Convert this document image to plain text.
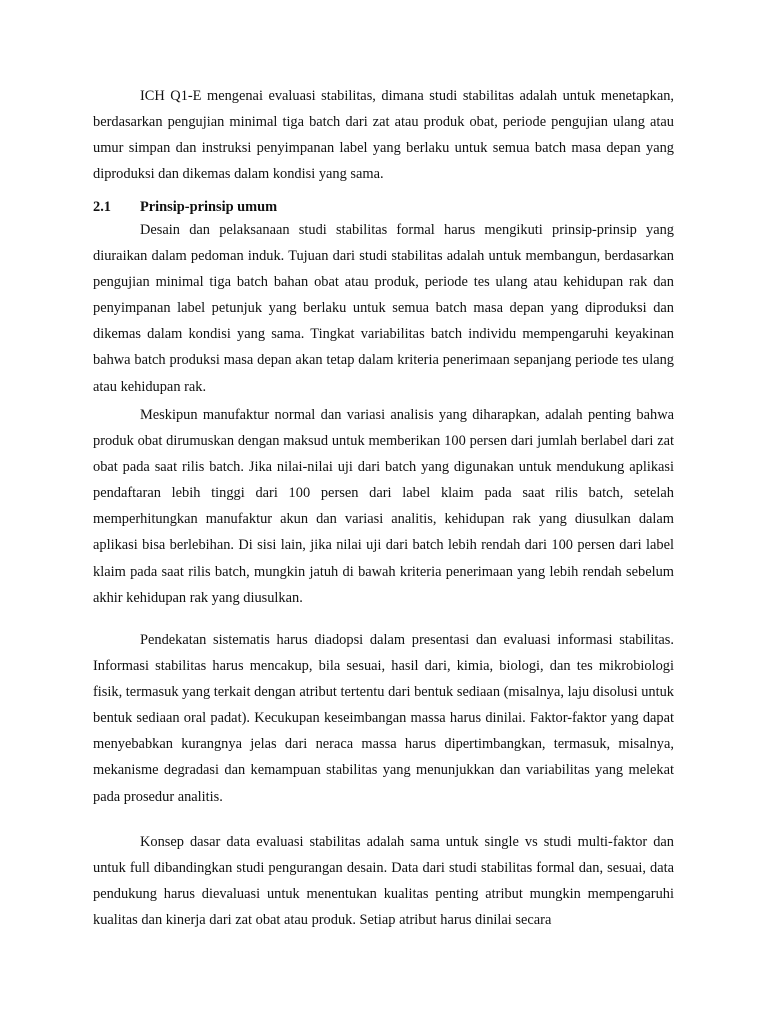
ICH Q1-E mengenai evaluasi stabilitas, dimana studi stabilitas adalah untuk menetapkan, berdasarkan pengujian minimal tiga batch dari zat atau produk obat, periode pengujian ulang atau umur simpan dan instruksi penyimpanan label yang berlaku untuk semua batch masa depan yang diproduksi dan dikemas dalam kondisi yang sama.

2.1 Prinsip-prinsip umum

Desain dan pelaksanaan studi stabilitas formal harus mengikuti prinsip-prinsip yang diuraikan dalam pedoman induk. Tujuan dari studi stabilitas adalah untuk membangun, berdasarkan pengujian minimal tiga batch bahan obat atau produk, periode tes ulang atau kehidupan rak dan penyimpanan label petunjuk yang berlaku untuk semua batch masa depan yang diproduksi dan dikemas dalam kondisi yang sama. Tingkat variabilitas batch individu mempengaruhi keyakinan bahwa batch produksi masa depan akan tetap dalam kriteria penerimaan sepanjang periode tes ulang atau kehidupan rak.

Meskipun manufaktur normal dan variasi analisis yang diharapkan, adalah penting bahwa produk obat dirumuskan dengan maksud untuk memberikan 100 persen dari jumlah berlabel dari zat obat pada saat rilis batch. Jika nilai-nilai uji dari batch yang digunakan untuk mendukung aplikasi pendaftaran lebih tinggi dari 100 persen dari label klaim pada saat rilis batch, setelah memperhitungkan manufaktur akun dan variasi analitis, kehidupan rak yang diusulkan dalam aplikasi bisa berlebihan. Di sisi lain, jika nilai uji dari batch lebih rendah dari 100 persen dari label klaim pada saat rilis batch, mungkin jatuh di bawah kriteria penerimaan yang lebih rendah sebelum akhir kehidupan rak yang diusulkan.

Pendekatan sistematis harus diadopsi dalam presentasi dan evaluasi informasi stabilitas. Informasi stabilitas harus mencakup, bila sesuai, hasil dari, kimia, biologi, dan tes mikrobiologi fisik, termasuk yang terkait dengan atribut tertentu dari bentuk sediaan (misalnya, laju disolusi untuk bentuk sediaan oral padat). Kecukupan keseimbangan massa harus dinilai. Faktor-faktor yang dapat menyebabkan kurangnya jelas dari neraca massa harus dipertimbangkan, termasuk, misalnya, mekanisme degradasi dan kemampuan stabilitas yang menunjukkan dan variabilitas yang melekat pada prosedur analitis.

Konsep dasar data evaluasi stabilitas adalah sama untuk single vs studi multi-faktor dan untuk full dibandingkan studi pengurangan desain. Data dari studi stabilitas formal dan, sesuai, data pendukung harus dievaluasi untuk menentukan kualitas penting atribut mungkin mempengaruhi kualitas dan kinerja dari zat obat atau produk. Setiap atribut harus dinilai secara
